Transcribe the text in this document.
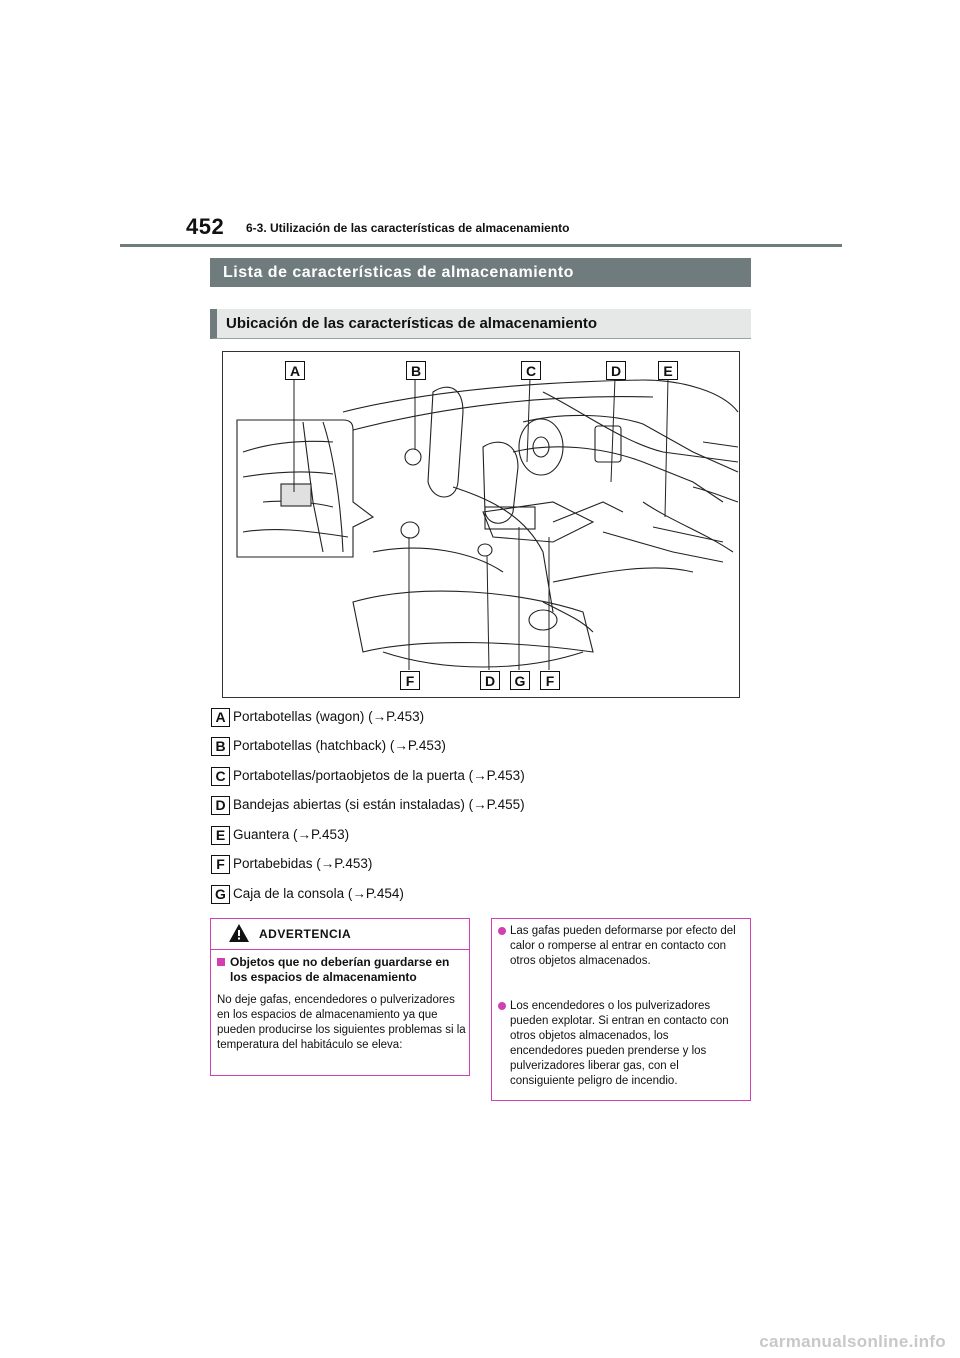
452 6-3. Utilización de las características de almacenamiento
Lista de características de almacenamiento
Ubicación de las características de almacenamiento
A	B	C	D	E
F	D	G	F
A Portabotellas (wagon) (→P.453)
B Portabotellas (hatchback) (→P.453)
C Portabotellas/portaobjetos de la puerta (→P.453)
D Bandejas abiertas (si están instaladas) (→P.455)
E Guantera (→P.453)
F Portabebidas (→P.453)
G Caja de la consola (→P.454)
ADVERTENCIA
Objetos que no deberían guardarse en los espacios de almacenamiento
No deje gafas, encendedores o pulverizadores en los espacios de almacenamiento ya que pueden producirse los siguientes problemas si la temperatura del habitáculo se eleva:
Las gafas pueden deformarse por efecto del calor o romperse al entrar en contacto con otros objetos almacenados.
Los encendedores o los pulverizadores pueden explotar. Si entran en contacto con otros objetos almacenados, los encendedores pueden prenderse y los pulverizadores liberar gas, con el consiguiente peligro de incendio.
carmanualsonline.info
